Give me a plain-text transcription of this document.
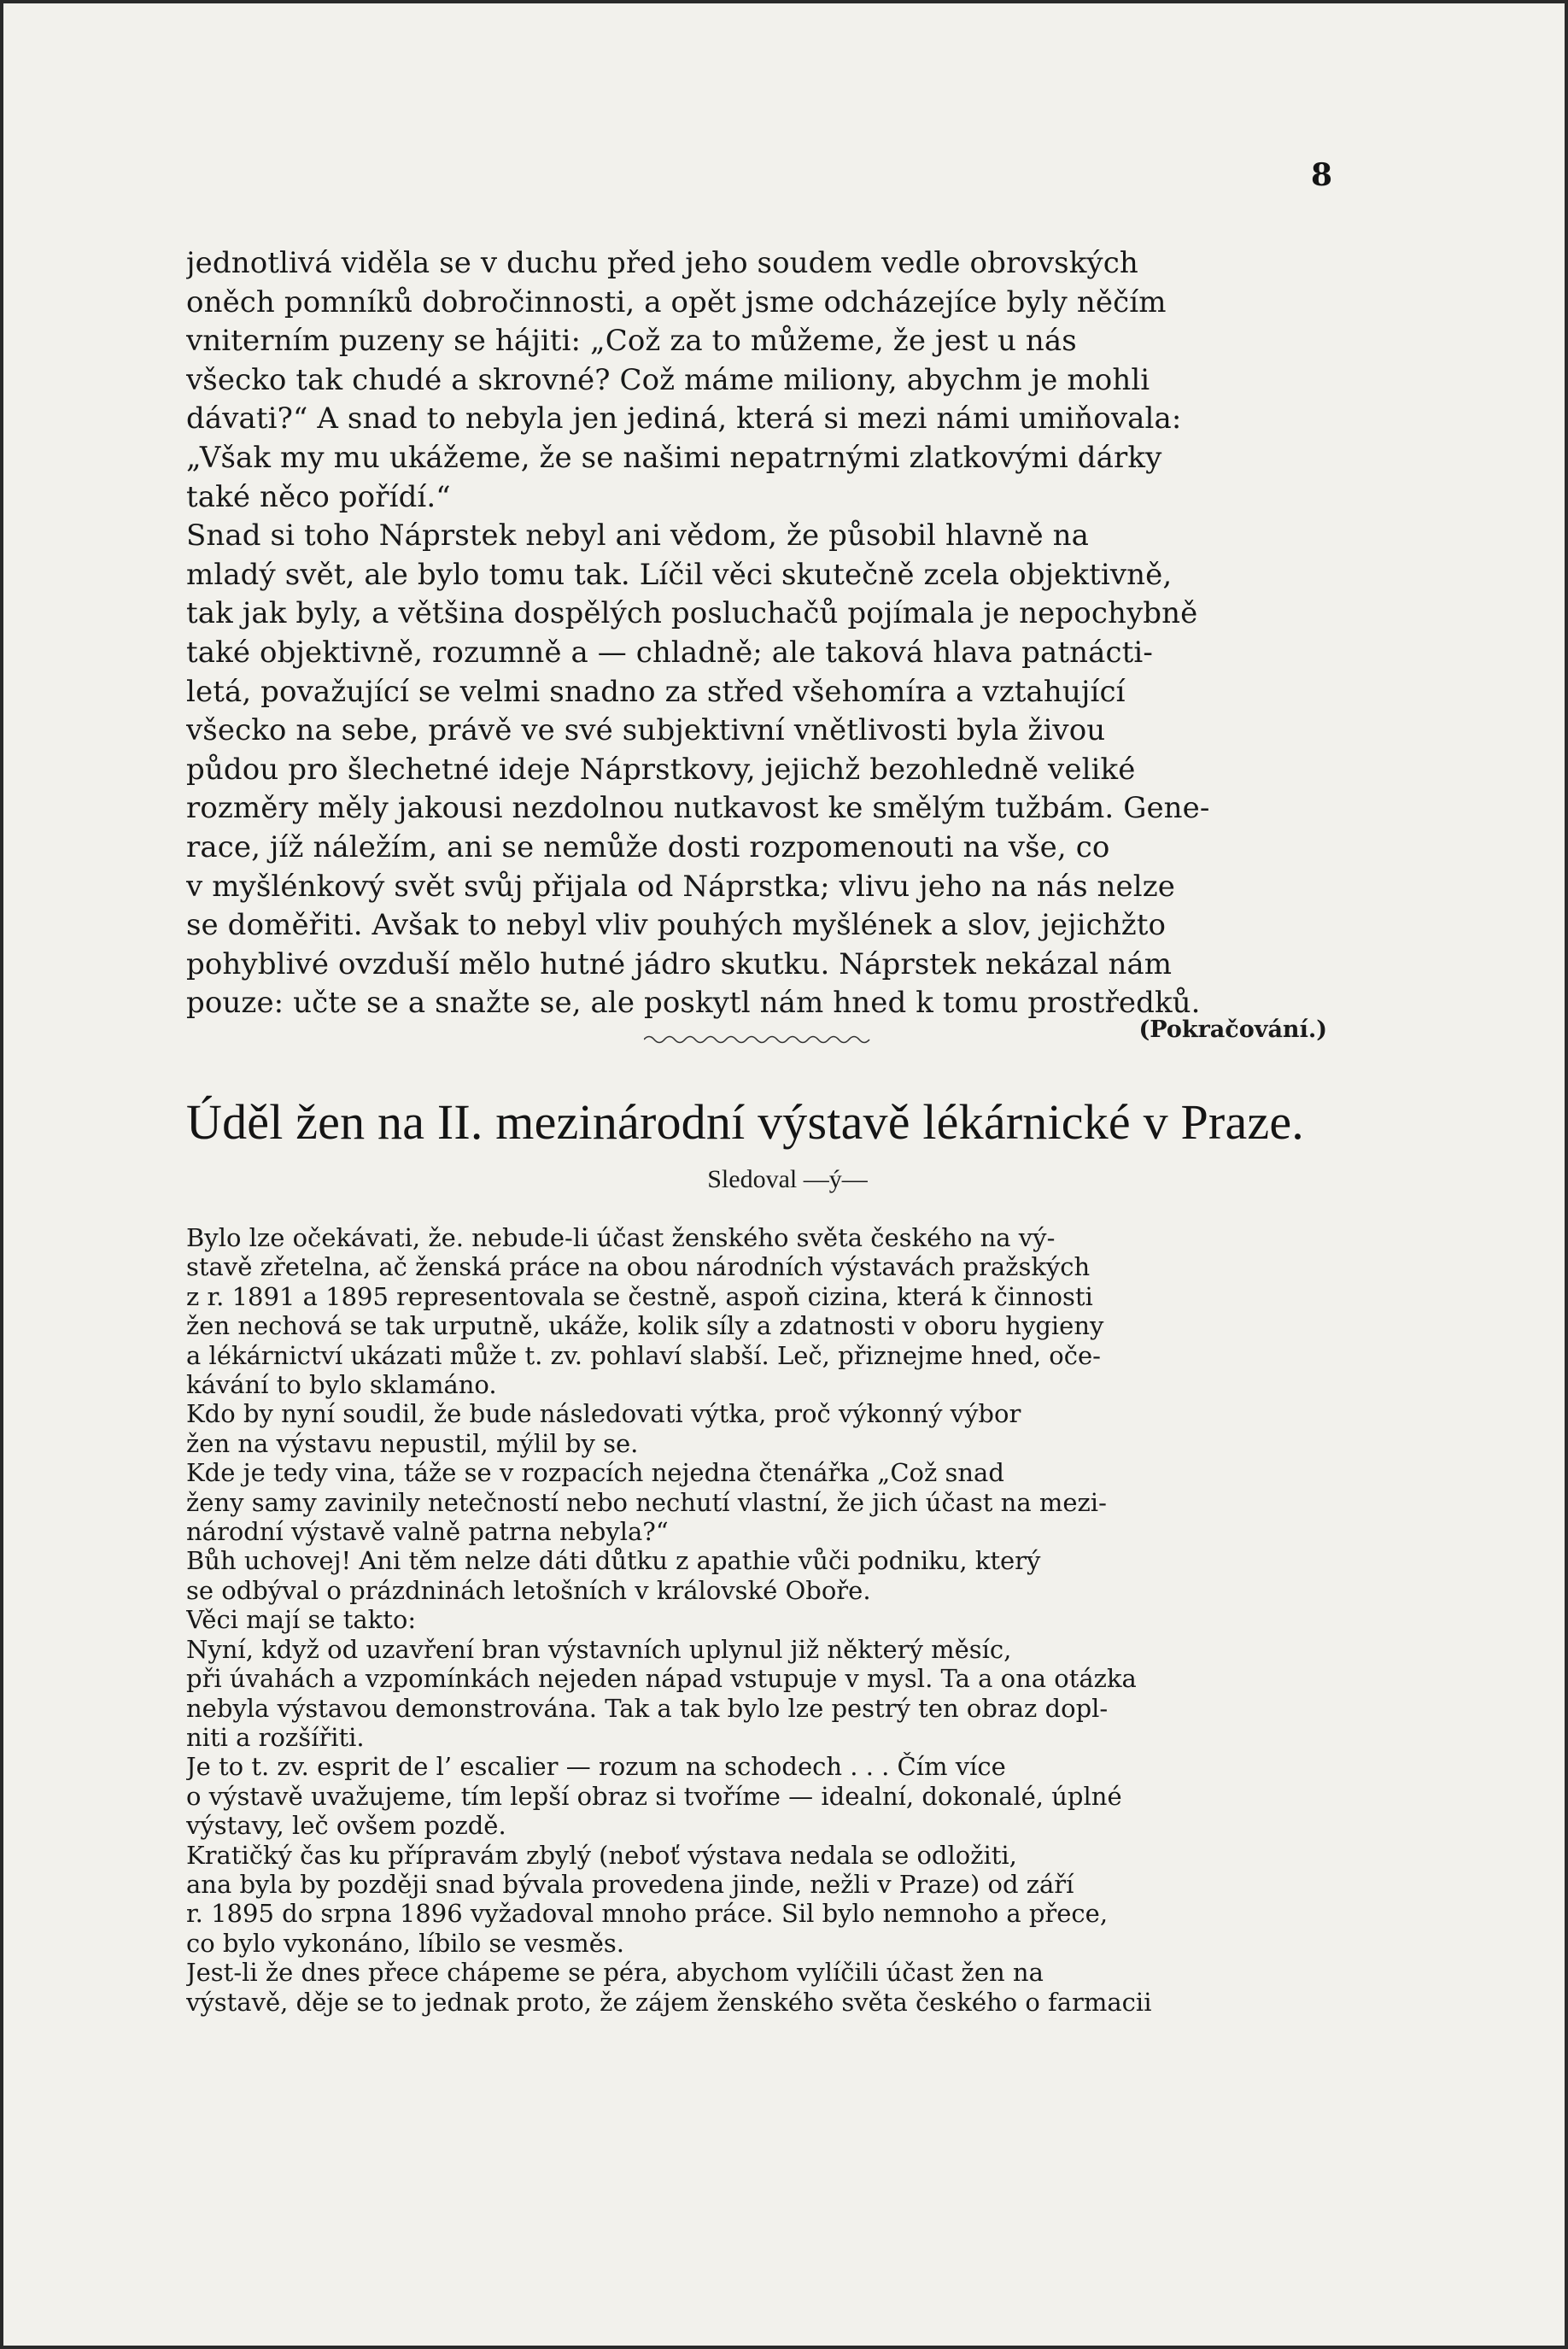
8
jednotlivá viděla se v duchu před jeho soudem vedle obrovských
oněch pomníků dobročinnosti, a opět jsme odcházejíce byly něčím
vniterním puzeny se hájiti: „Což za to můžeme, že jest u nás
všecko tak chudé a skrovné? Což máme miliony, abychm je mohli
dávati?“ A snad to nebyla jen jediná, která si mezi námi umiňovala:
„Však my mu ukážeme, že se našimi nepatrnými zlatkovými dárky
také něco pořídí.“
Snad si toho Náprstek nebyl ani vědom, že působil hlavně na
mladý svět, ale bylo tomu tak. Líčil věci skutečně zcela objektivně,
tak jak byly, a většina dospělých posluchačů pojímala je nepochybně
také objektivně, rozumně a — chladně; ale taková hlava patnácti-
letá, považující se velmi snadno za střed všehomíra a vztahující
všecko na sebe, právě ve své subjektivní vnětlivosti byla živou
půdou pro šlechetné ideje Náprstkovy, jejichž bezohledně veliké
rozměry měly jakousi nezdolnou nutkavost ke smělým tužbám. Gene-
race, jíž náležím, ani se nemůže dosti rozpomenouti na vše, co
v myšlénkový svět svůj přijala od Náprstka; vlivu jeho na nás nelze
se doměřiti. Avšak to nebyl vliv pouhých myšlének a slov, jejichžto
pohyblivé ovzduší mělo hutné jádro skutku. Náprstek nekázal nám
pouze: učte se a snažte se, ale poskytl nám hned k tomu prostředků.
(Pokračování.)
Úděl žen na II. mezinárodní výstavě lékárnické v Praze.
Sledoval —ý—
Bylo lze očekávati, že. nebude-li účast ženského světa českého na vý-
stavě zřetelna, ač ženská práce na obou národních výstavách pražských
z r. 1891 a 1895 representovala se čestně, aspoň cizina, která k činnosti
žen nechová se tak urputně, ukáže, kolik síly a zdatnosti v oboru hygieny
a lékárnictví ukázati může t. zv. pohlaví slabší. Leč, přiznejme hned, oče-
kávání to bylo sklamáno.
Kdo by nyní soudil, že bude následovati výtka, proč výkonný výbor
žen na výstavu nepustil, mýlil by se.
Kde je tedy vina, táže se v rozpacích nejedna čtenářka „Což snad
ženy samy zavinily netečností nebo nechutí vlastní, že jich účast na mezi-
národní výstavě valně patrna nebyla?“
Bůh uchovej! Ani těm nelze dáti důtku z apathie vůči podniku, který
se odbýval o prázdninách letošních v královské Oboře.
Věci mají se takto:
Nyní, když od uzavření bran výstavních uplynul již některý měsíc,
při úvahách a vzpomínkách nejeden nápad vstupuje v mysl. Ta a ona otázka
nebyla výstavou demonstrována. Tak a tak bylo lze pestrý ten obraz dopl-
niti a rozšířiti.
Je to t. zv. esprit de l’ escalier — rozum na schodech . . . Čím více
o výstavě uvažujeme, tím lepší obraz si tvoříme — idealní, dokonalé, úplné
výstavy, leč ovšem pozdě.
Kratičký čas ku přípravám zbylý (neboť výstava nedala se odložiti,
ana byla by později snad bývala provedena jinde, nežli v Praze) od září
r. 1895 do srpna 1896 vyžadoval mnoho práce. Sil bylo nemnoho a přece,
co bylo vykonáno, líbilo se vesměs.
Jest-li že dnes přece chápeme se péra, abychom vylíčili účast žen na
výstavě, děje se to jednak proto, že zájem ženského světa českého o farmacii
